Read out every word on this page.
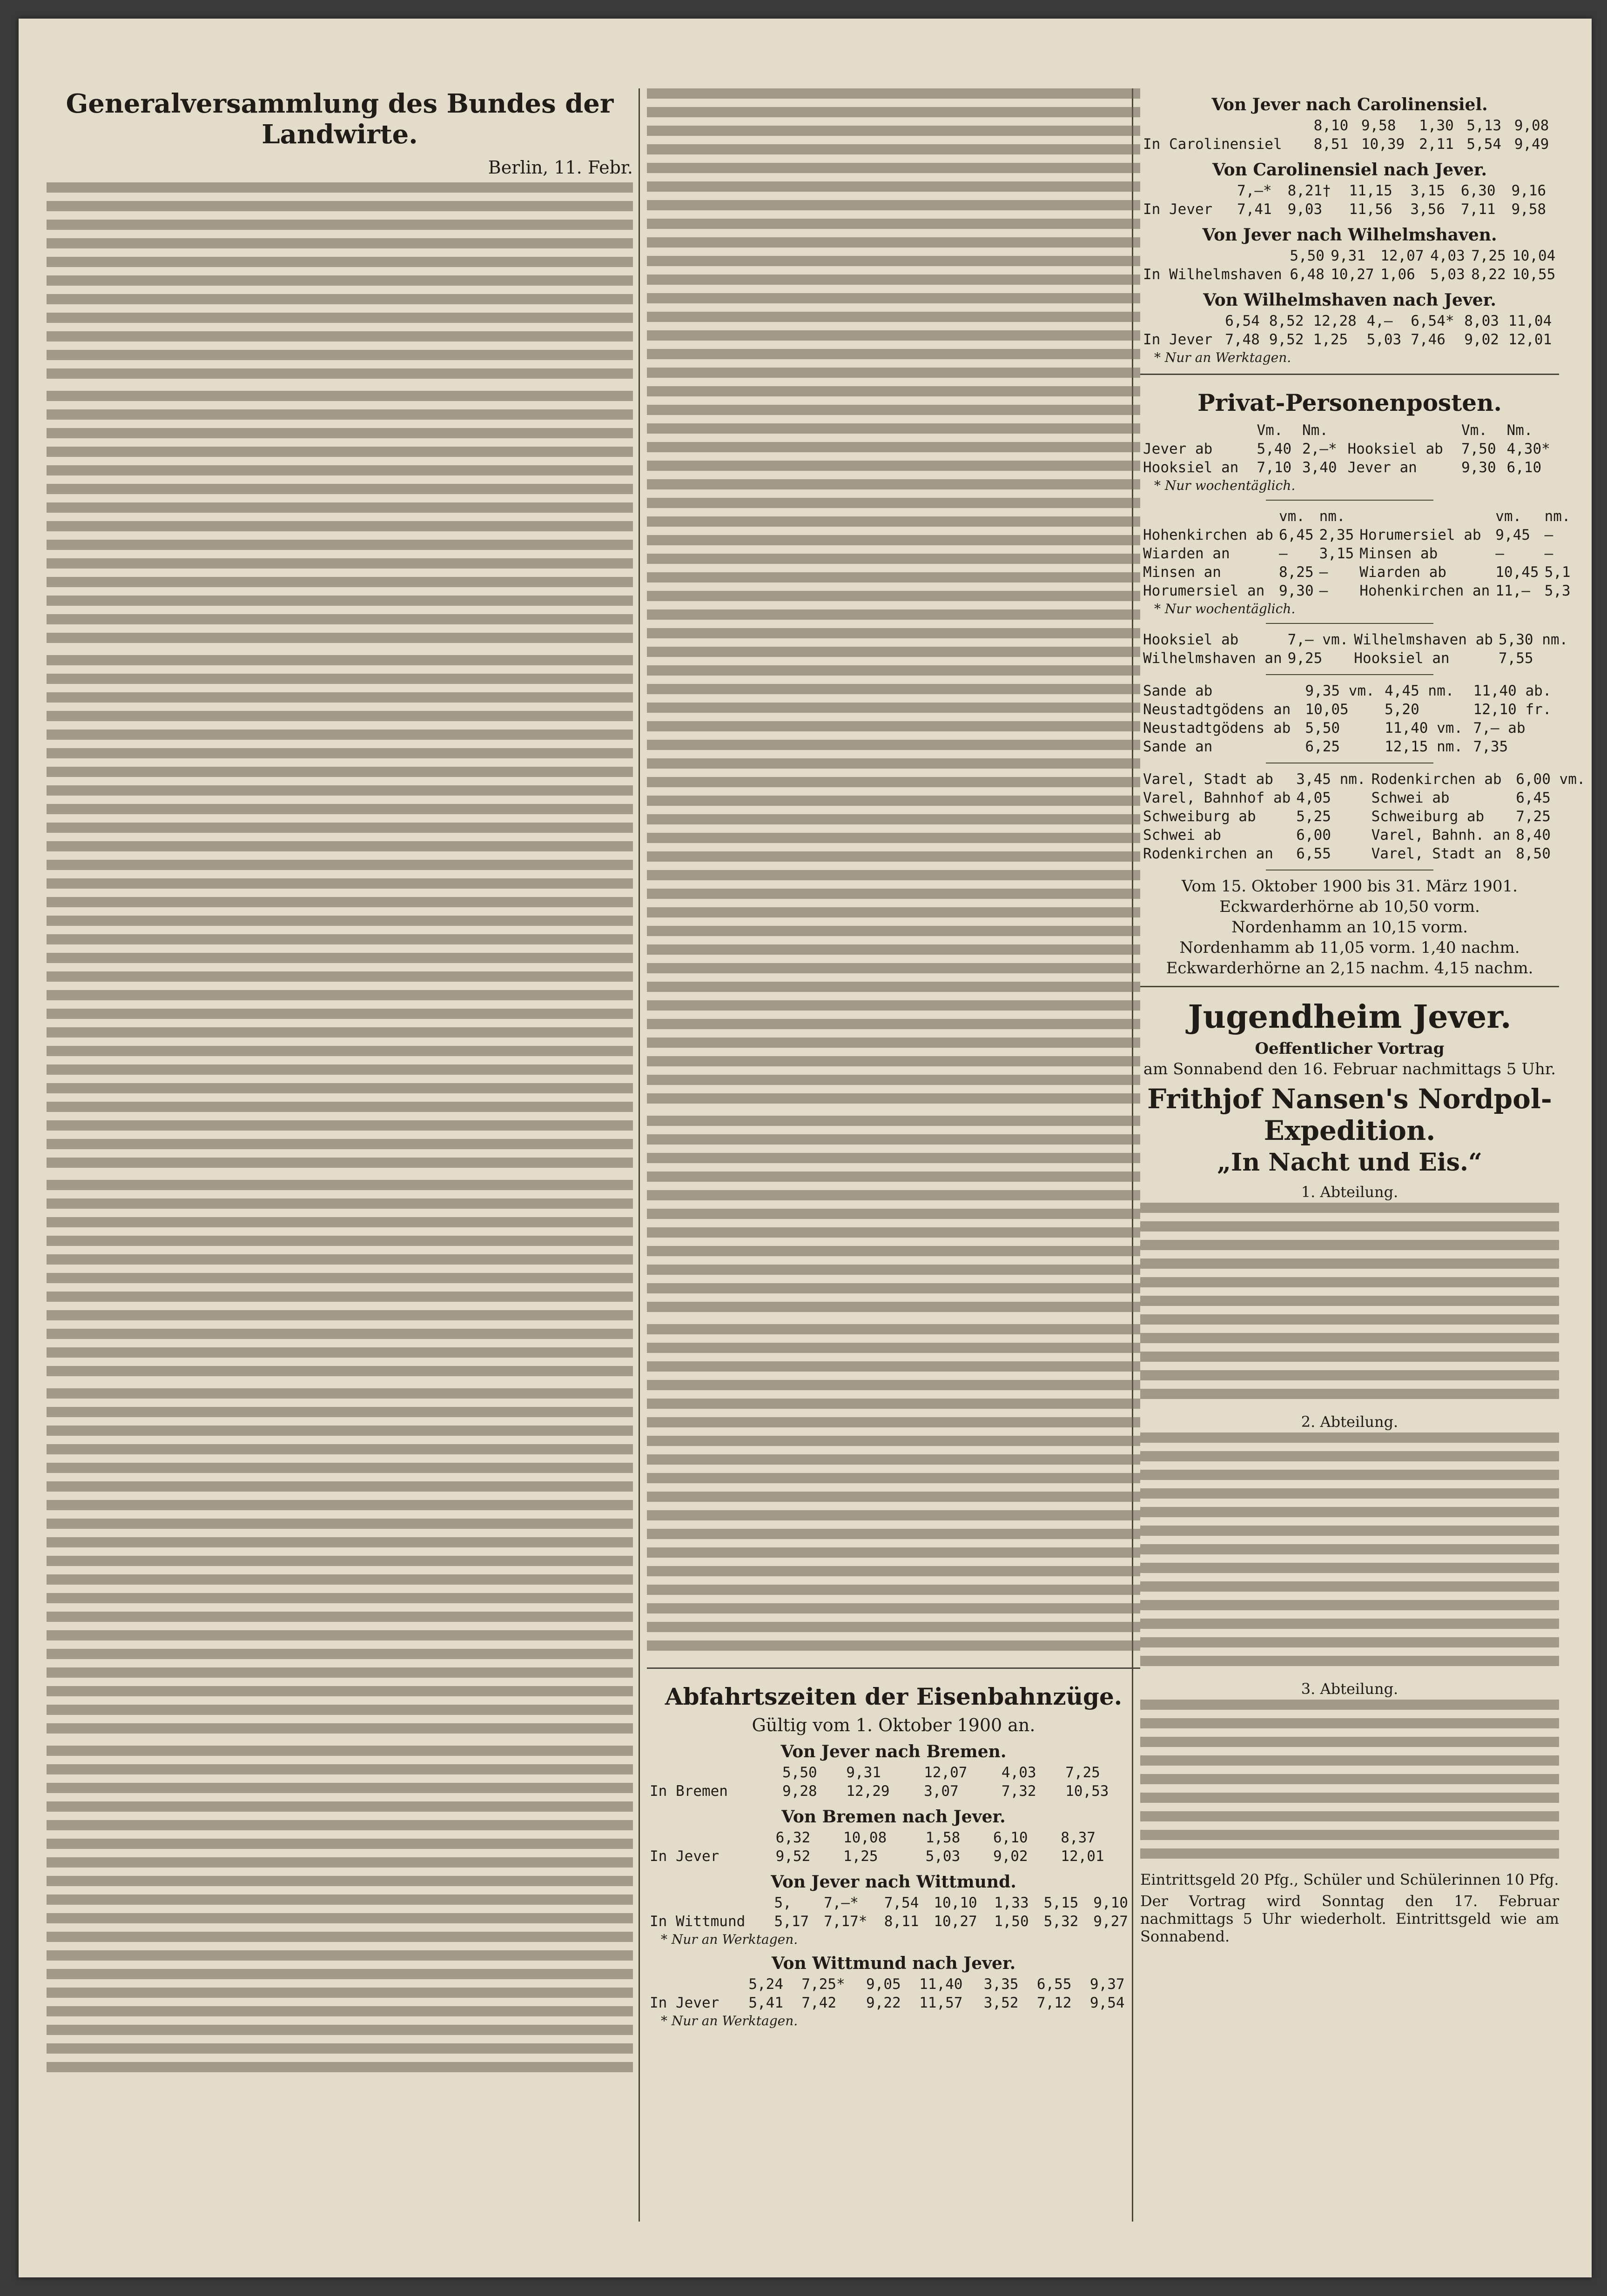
Generalversammlung des Bundes der
Landwirte.
Berlin, 11. Febr.
Abfahrtszeiten der Eisenbahnzüge.
Gültig vom 1. Oktober 1900 an.
Von Jever nach Bremen.
	5,50	9,31	12,07	4,03	7,25
In Bremen	9,28	12,29	3,07	7,32	10,53
Von Bremen nach Jever.
	6,32	10,08	1,58	6,10	8,37
In Jever	9,52	1,25	5,03	9,02	12,01
Von Jever nach Wittmund.
	5,	7,—*	7,54	10,10	1,33	5,15	9,10
In Wittmund	5,17	7,17*	8,11	10,27	1,50	5,32	9,27
* Nur an Werktagen.
Von Wittmund nach Jever.
	5,24	7,25*	9,05	11,40	3,35	6,55	9,37
In Jever	5,41	7,42	9,22	11,57	3,52	7,12	9,54
* Nur an Werktagen.
Von Jever nach Carolinensiel.
	8,10	9,58	1,30	5,13	9,08
In Carolinensiel	8,51	10,39	2,11	5,54	9,49
Von Carolinensiel nach Jever.
	7,—*	8,21†	11,15	3,15	6,30	9,16
In Jever	7,41	9,03	11,56	3,56	7,11	9,58
Von Jever nach Wilhelmshaven.
	5,50	9,31	12,07	4,03	7,25	10,04
In Wilhelmshaven	6,48	10,27	1,06	5,03	8,22	10,55
Von Wilhelmshaven nach Jever.
	6,54	8,52	12,28	4,—	6,54*	8,03	11,04
In Jever	7,48	9,52	1,25	5,03	7,46	9,02	12,01
* Nur an Werktagen.
Privat-Personenposten.
	Vm.	Nm.		Vm.	Nm.
Jever ab	5,40	2,—*	Hooksiel ab	7,50	4,30*
Hooksiel an	7,10	3,40	Jever an	9,30	6,10
* Nur wochentäglich.
	vm.	nm.		vm.	nm.
Hohenkirchen ab	6,45	2,35	Horumersiel ab	9,45	—
Wiarden an	—	3,15	Minsen ab	—	—
Minsen an	8,25	—	Wiarden ab	10,45	5,1
Horumersiel an	9,30	—	Hohenkirchen an	11,—	5,3
* Nur wochentäglich.
Hooksiel ab	7,— vm.	Wilhelmshaven ab	5,30 nm.
Wilhelmshaven an	9,25	Hooksiel an	7,55
Sande ab	9,35 vm.	4,45 nm.	11,40 ab.
Neustadtgödens an	10,05	5,20	12,10 fr.
Neustadtgödens ab	5,50	11,40 vm.	7,— ab
Sande an	6,25	12,15 nm.	7,35
Varel, Stadt ab	3,45 nm.	Rodenkirchen ab	6,00 vm.
Varel, Bahnhof ab	4,05	Schwei ab	6,45
Schweiburg ab	5,25	Schweiburg ab	7,25
Schwei ab	6,00	Varel, Bahnh. an	8,40
Rodenkirchen an	6,55	Varel, Stadt an	8,50
Vom 15. Oktober 1900 bis 31. März 1901.
Eckwarderhörne ab 10,50 vorm.
Nordenhamm an 10,15 vorm.
Nordenhamm ab 11,05 vorm. 1,40 nachm.
Eckwarderhörne an 2,15 nachm. 4,15 nachm.
Jugendheim Jever.
Oeffentlicher Vortrag
am Sonnabend den 16. Februar nachmittags 5 Uhr.
Frithjof Nansen's Nordpol-Expedition.
„In Nacht und Eis.“
1. Abteilung.
2. Abteilung.
3. Abteilung.
Eintrittsgeld 20 Pfg., Schüler und Schülerinnen 10 Pfg.
Der Vortrag wird Sonntag den 17. Februar nachmittags 5 Uhr wiederholt. Eintrittsgeld wie am Sonnabend.
